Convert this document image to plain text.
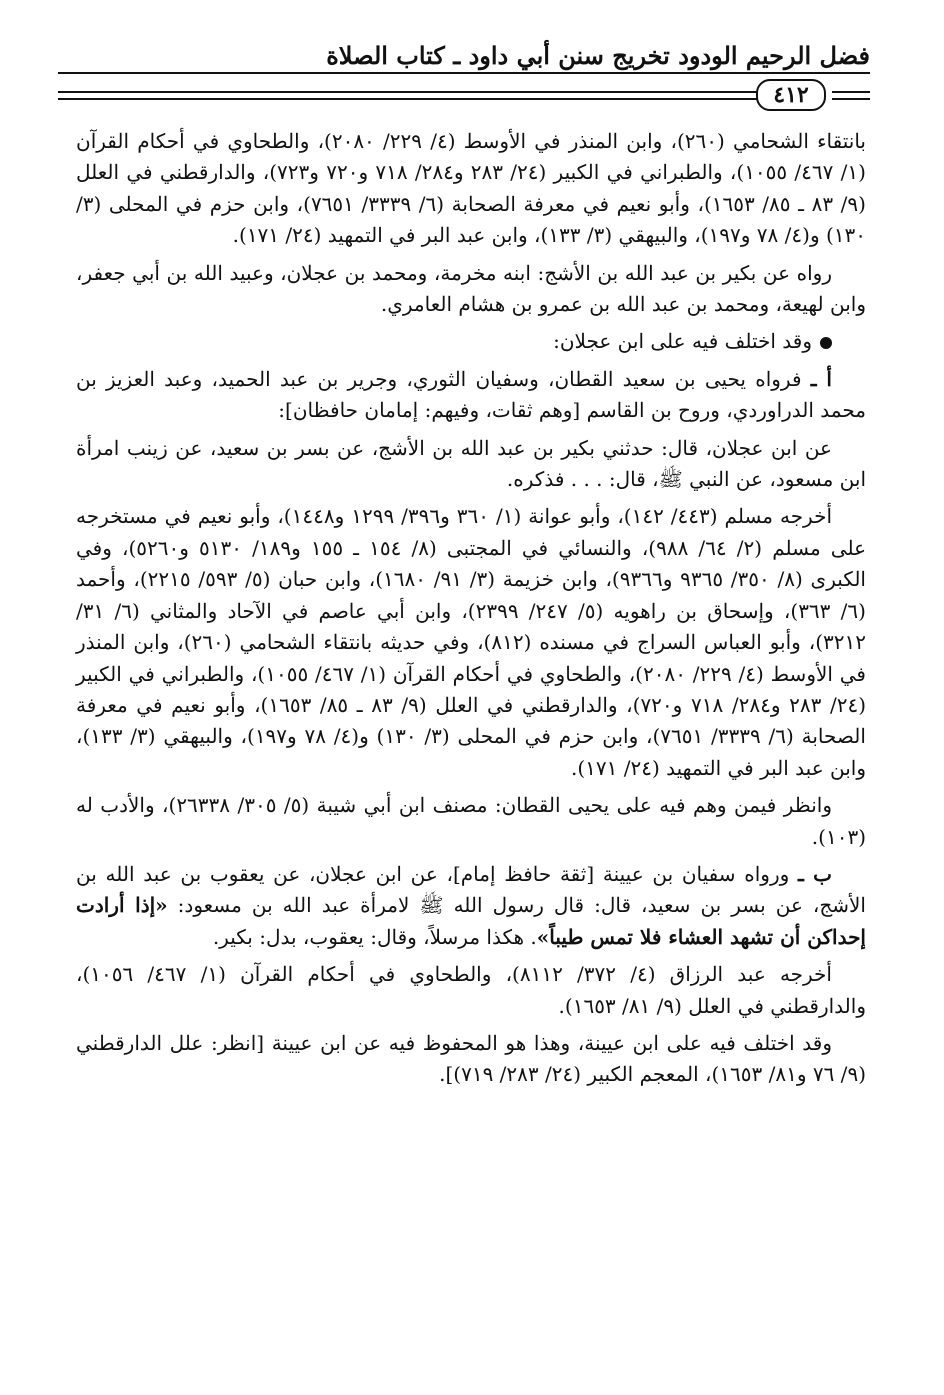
فضل الرحيم الودود تخريج سنن أبي داود ـ كتاب الصلاة
٤١٢

بانتقاء الشحامي (٢٦٠)، وابن المنذر في الأوسط (٤/ ٢٢٩/ ٢٠٨٠)، والطحاوي في أحكام القرآن (١/ ٤٦٧/ ١٠٥٥)، والطبراني في الكبير (٢٤/ ٢٨٣ و٢٨٤/ ٧١٨ و٧٢٠ و٧٢٣)، والدارقطني في العلل (٩/ ٨٣ ـ ٨٥/ ١٦٥٣)، وأبو نعيم في معرفة الصحابة (٦/ ٣٣٣٩/ ٧٦٥١)، وابن حزم في المحلى (٣/ ١٣٠) و(٤/ ٧٨ و١٩٧)، والبيهقي (٣/ ١٣٣)، وابن عبد البر في التمهيد (٢٤/ ١٧١).

رواه عن بكير بن عبد الله بن الأشج: ابنه مخرمة، ومحمد بن عجلان، وعبيد الله بن أبي جعفر، وابن لهيعة، ومحمد بن عبد الله بن عمرو بن هشام العامري.

وقد اختلف فيه على ابن عجلان:

أ ـ فرواه يحيى بن سعيد القطان، وسفيان الثوري، وجرير بن عبد الحميد، وعبد العزيز بن محمد الدراوردي، وروح بن القاسم [وهم ثقات، وفيهم: إمامان حافظان]:

عن ابن عجلان، قال: حدثني بكير بن عبد الله بن الأشج، عن بسر بن سعيد، عن زينب امرأة ابن مسعود، عن النبي ﷺ، قال: . . . فذكره.

أخرجه مسلم (٤٤٣/ ١٤٢)، وأبو عوانة (١/ ٣٦٠ و٣٩٦/ ١٢٩٩ و١٤٤٨)، وأبو نعيم في مستخرجه على مسلم (٢/ ٦٤/ ٩٨٨)، والنسائي في المجتبى (٨/ ١٥٤ ـ ١٥٥ و١٨٩/ ٥١٣٠ و٥٢٦٠)، وفي الكبرى (٨/ ٣٥٠/ ٩٣٦٥ و٩٣٦٦)، وابن خزيمة (٣/ ٩١/ ١٦٨٠)، وابن حبان (٥/ ٥٩٣/ ٢٢١٥)، وأحمد (٦/ ٣٦٣)، وإسحاق بن راهويه (٥/ ٢٤٧/ ٢٣٩٩)، وابن أبي عاصم في الآحاد والمثاني (٦/ ٣١/ ٣٢١٢)، وأبو العباس السراج في مسنده (٨١٢)، وفي حديثه بانتقاء الشحامي (٢٦٠)، وابن المنذر في الأوسط (٤/ ٢٢٩/ ٢٠٨٠)، والطحاوي في أحكام القرآن (١/ ٤٦٧/ ١٠٥٥)، والطبراني في الكبير (٢٤/ ٢٨٣ و٢٨٤/ ٧١٨ و٧٢٠)، والدارقطني في العلل (٩/ ٨٣ ـ ٨٥/ ١٦٥٣)، وأبو نعيم في معرفة الصحابة (٦/ ٣٣٣٩/ ٧٦٥١)، وابن حزم في المحلى (٣/ ١٣٠) و(٤/ ٧٨ و١٩٧)، والبيهقي (٣/ ١٣٣)، وابن عبد البر في التمهيد (٢٤/ ١٧١).

وانظر فيمن وهم فيه على يحيى القطان: مصنف ابن أبي شيبة (٥/ ٣٠٥/ ٢٦٣٣٨)، والأدب له (١٠٣).

ب ـ ورواه سفيان بن عيينة [ثقة حافظ إمام]، عن ابن عجلان، عن يعقوب بن عبد الله بن الأشج، عن بسر بن سعيد، قال: قال رسول الله ﷺ لامرأة عبد الله بن مسعود: «إذا أرادت إحداكن أن تشهد العشاء فلا تمس طيباً». هكذا مرسلاً، وقال: يعقوب، بدل: بكير.

أخرجه عبد الرزاق (٤/ ٣٧٢/ ٨١١٢)، والطحاوي في أحكام القرآن (١/ ٤٦٧/ ١٠٥٦)، والدارقطني في العلل (٩/ ٨١/ ١٦٥٣).

وقد اختلف فيه على ابن عيينة، وهذا هو المحفوظ فيه عن ابن عيينة [انظر: علل الدارقطني (٩/ ٧٦ و٨١/ ١٦٥٣)، المعجم الكبير (٢٤/ ٢٨٣/ ٧١٩)].
